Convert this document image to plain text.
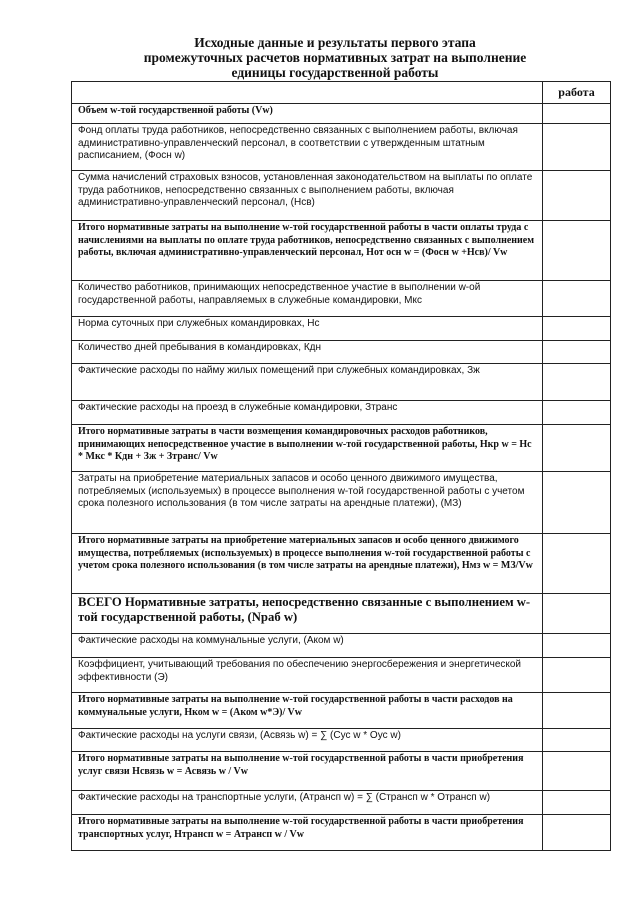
Исходные данные и результаты первого этапа
промежуточных расчетов нормативных затрат на выполнение
единицы государственной работы
	работа
Объем w-той государственной работы (Vw)	
Фонд оплаты труда работников, непосредственно связанных с выполнением работы, включая административно-управленческий персонал, в соответствии с утвержденным штатным расписанием, (Фосн w)	
Сумма начислений страховых взносов, установленная законодательством на выплаты по оплате труда работников, непосредственно связанных с выполнением работы, включая административно-управленческий персонал, (Нсв)	
Итого нормативные затраты на выполнение w-той государственной работы в части оплаты труда с начислениями на выплаты по оплате труда работников, непосредственно связанных с выполнением работы, включая административно-управленческий персонал, Нот осн w = (Фосн w +Нсв)/ Vw	
Количество работников, принимающих непосредственное участие в выполнении w-ой государственной работы, направляемых в служебные командировки, Мкс	
Норма суточных при служебных командировках, Нс	
Количество дней пребывания в командировках, Кдн	
Фактические расходы по найму жилых помещений при служебных командировках, Зж	
Фактические расходы на проезд в служебные командировки, Зтранс	
Итого нормативные затраты в части возмещения командировочных расходов работников, принимающих непосредственное участие в выполнении w-той государственной работы, Нкр w = Нс * Мкс * Кдн + Зж + Зтранс/ Vw	
Затраты на приобретение материальных запасов и особо ценного движимого имущества, потребляемых (используемых) в процессе выполнения w-той государственной работы с учетом срока полезного использования (в том числе затраты на арендные платежи), (МЗ)	
Итого нормативные затраты на приобретение материальных запасов и особо ценного движимого имущества, потребляемых (используемых) в процессе выполнения w-той государственной работы с учетом срока полезного использования (в том числе затраты на арендные платежи), Нмз w = МЗ/Vw	
ВСЕГО Нормативные затраты, непосредственно связанные с выполнением w-той государственной работы, (Nраб w)	
Фактические расходы на коммунальные услуги, (Аком w)	
Коэффициент, учитывающий требования по обеспечению энергосбережения и энергетической эффективности (Э)	
Итого нормативные затраты на выполнение w-той государственной работы в части расходов на коммунальные услуги, Нком w = (Аком w*Э)/ Vw	
Фактические расходы на услуги связи, (Асвязь w) = ∑ (Сус w * Оус w)	
Итого нормативные затраты на выполнение w-той государственной работы в части приобретения услуг связи Нсвязь w = Асвязь w / Vw	
Фактические расходы на транспортные услуги, (Атрансп w) = ∑ (Странсп w * Отрансп w)	
Итого нормативные затраты на выполнение w-той государственной работы в части приобретения транспортных услуг, Нтрансп w = Атрансп w / Vw	
